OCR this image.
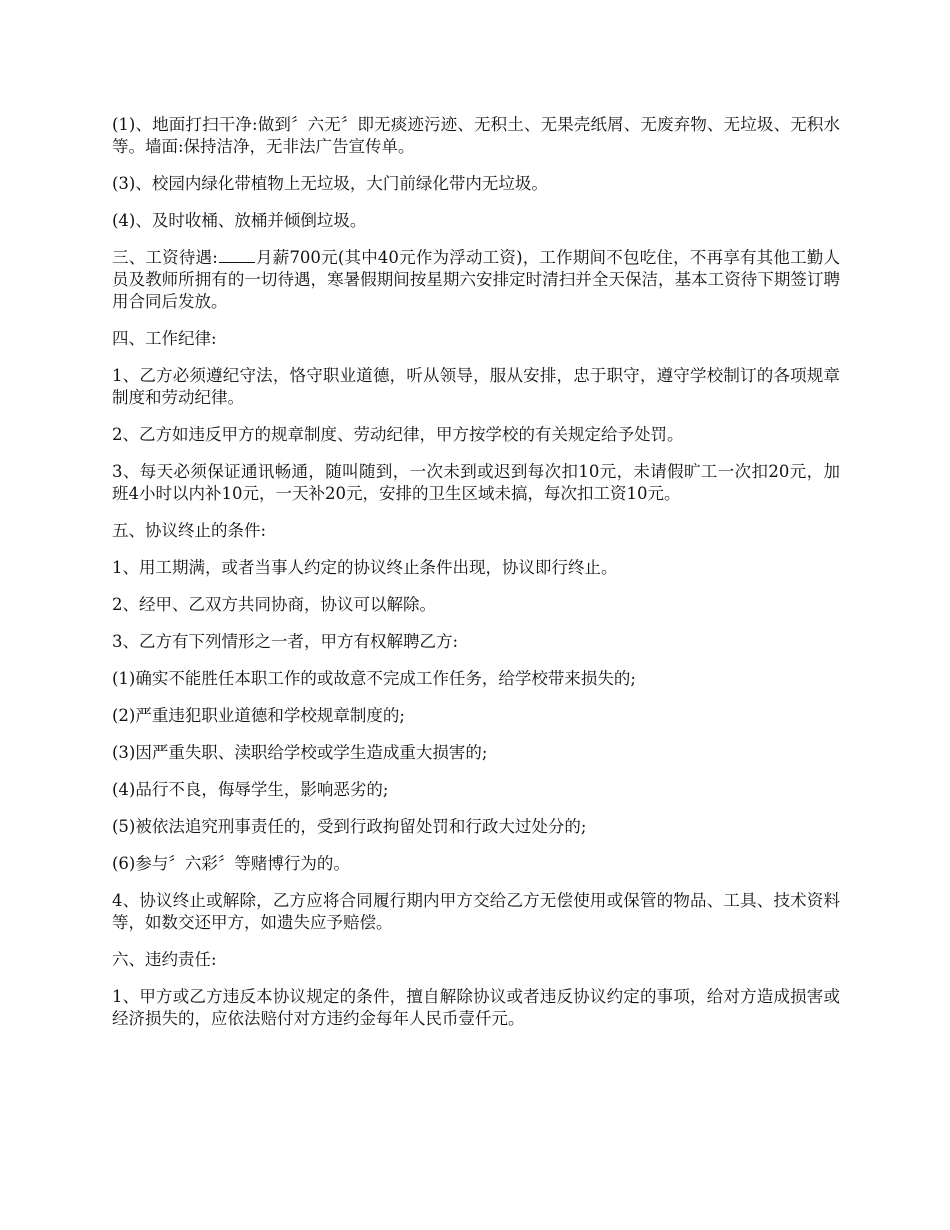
(1)、地面打扫干净:做到〞六无〞即无痰迹污迹、无积土、无果壳纸屑、无废弃物、无垃圾、无积水等。墙面:保持洁净，无非法广告宣传单。

(3)、校园内绿化带植物上无垃圾，大门前绿化带内无垃圾。

(4)、及时收桶、放桶并倾倒垃圾。

三、工资待遇: 月薪700元(其中40元作为浮动工资)，工作期间不包吃住，不再享有其他工勤人员及教师所拥有的一切待遇，寒暑假期间按星期六安排定时清扫并全天保洁，基本工资待下期签订聘用合同后发放。

四、工作纪律:

1、乙方必须遵纪守法，恪守职业道德，听从领导，服从安排，忠于职守，遵守学校制订的各项规章制度和劳动纪律。

2、乙方如违反甲方的规章制度、劳动纪律，甲方按学校的有关规定给予处罚。

3、每天必须保证通讯畅通，随叫随到，一次未到或迟到每次扣10元，未请假旷工一次扣20元，加班4小时以内补10元，一天补20元，安排的卫生区域未搞，每次扣工资10元。

五、协议终止的条件:

1、用工期满，或者当事人约定的协议终止条件出现，协议即行终止。

2、经甲、乙双方共同协商，协议可以解除。

3、乙方有下列情形之一者，甲方有权解聘乙方:

(1)确实不能胜任本职工作的或故意不完成工作任务，给学校带来损失的;

(2)严重违犯职业道德和学校规章制度的;

(3)因严重失职、渎职给学校或学生造成重大损害的;

(4)品行不良，侮辱学生，影响恶劣的;

(5)被依法追究刑事责任的，受到行政拘留处罚和行政大过处分的;

(6)参与〞六彩〞等赌博行为的。

4、协议终止或解除，乙方应将合同履行期内甲方交给乙方无偿使用或保管的物品、工具、技术资料等，如数交还甲方，如遗失应予赔偿。

六、违约责任:

1、甲方或乙方违反本协议规定的条件，擅自解除协议或者违反协议约定的事项，给对方造成损害或经济损失的，应依法赔付对方违约金每年人民币壹仟元。
